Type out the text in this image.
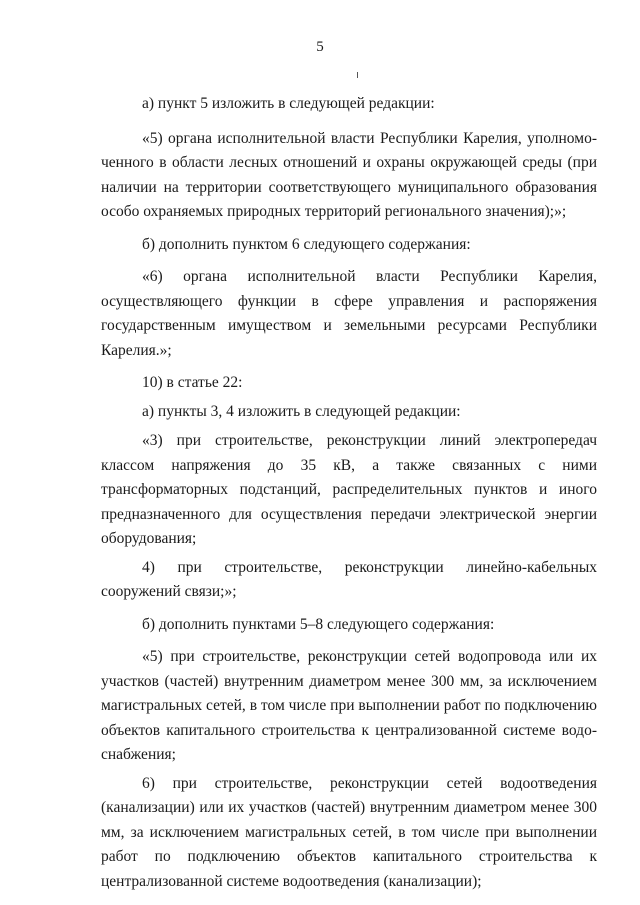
5

а) пункт 5 изложить в следующей редакции:

«5) органа исполнительной власти Республики Карелия, уполномоченного в области лесных отношений и охраны окружающей среды (при наличии на территории соответствующего муниципального образования особо охраняемых природных территорий регионального значения);»;

б) дополнить пунктом 6 следующего содержания:

«6) органа исполнительной власти Республики Карелия, осуществляющего функции в сфере управления и распоряжения государственным имуществом и земельными ресурсами Республики Карелия.»;

10) в статье 22:

а) пункты 3, 4 изложить в следующей редакции:

«3) при строительстве, реконструкции линий электропередач классом напряжения до 35 кВ, а также связанных с ними трансформаторных подстанций, распределительных пунктов и иного предназначенного для осуществления передачи электрической энергии оборудования;

4) при строительстве, реконструкции линейно-кабельных сооружений связи;»;

б) дополнить пунктами 5–8 следующего содержания:

«5) при строительстве, реконструкции сетей водопровода или их участков (частей) внутренним диаметром менее 300 мм, за исключением магистральных сетей, в том числе при выполнении работ по подключению объектов капитального строительства к централизованной системе водоснабжения;

6) при строительстве, реконструкции сетей водоотведения (канализации) или их участков (частей) внутренним диаметром менее 300 мм, за исключением магистральных сетей, в том числе при выполнении работ по подключению объектов капитального строительства к централизованной системе водоотведения (канализации);
